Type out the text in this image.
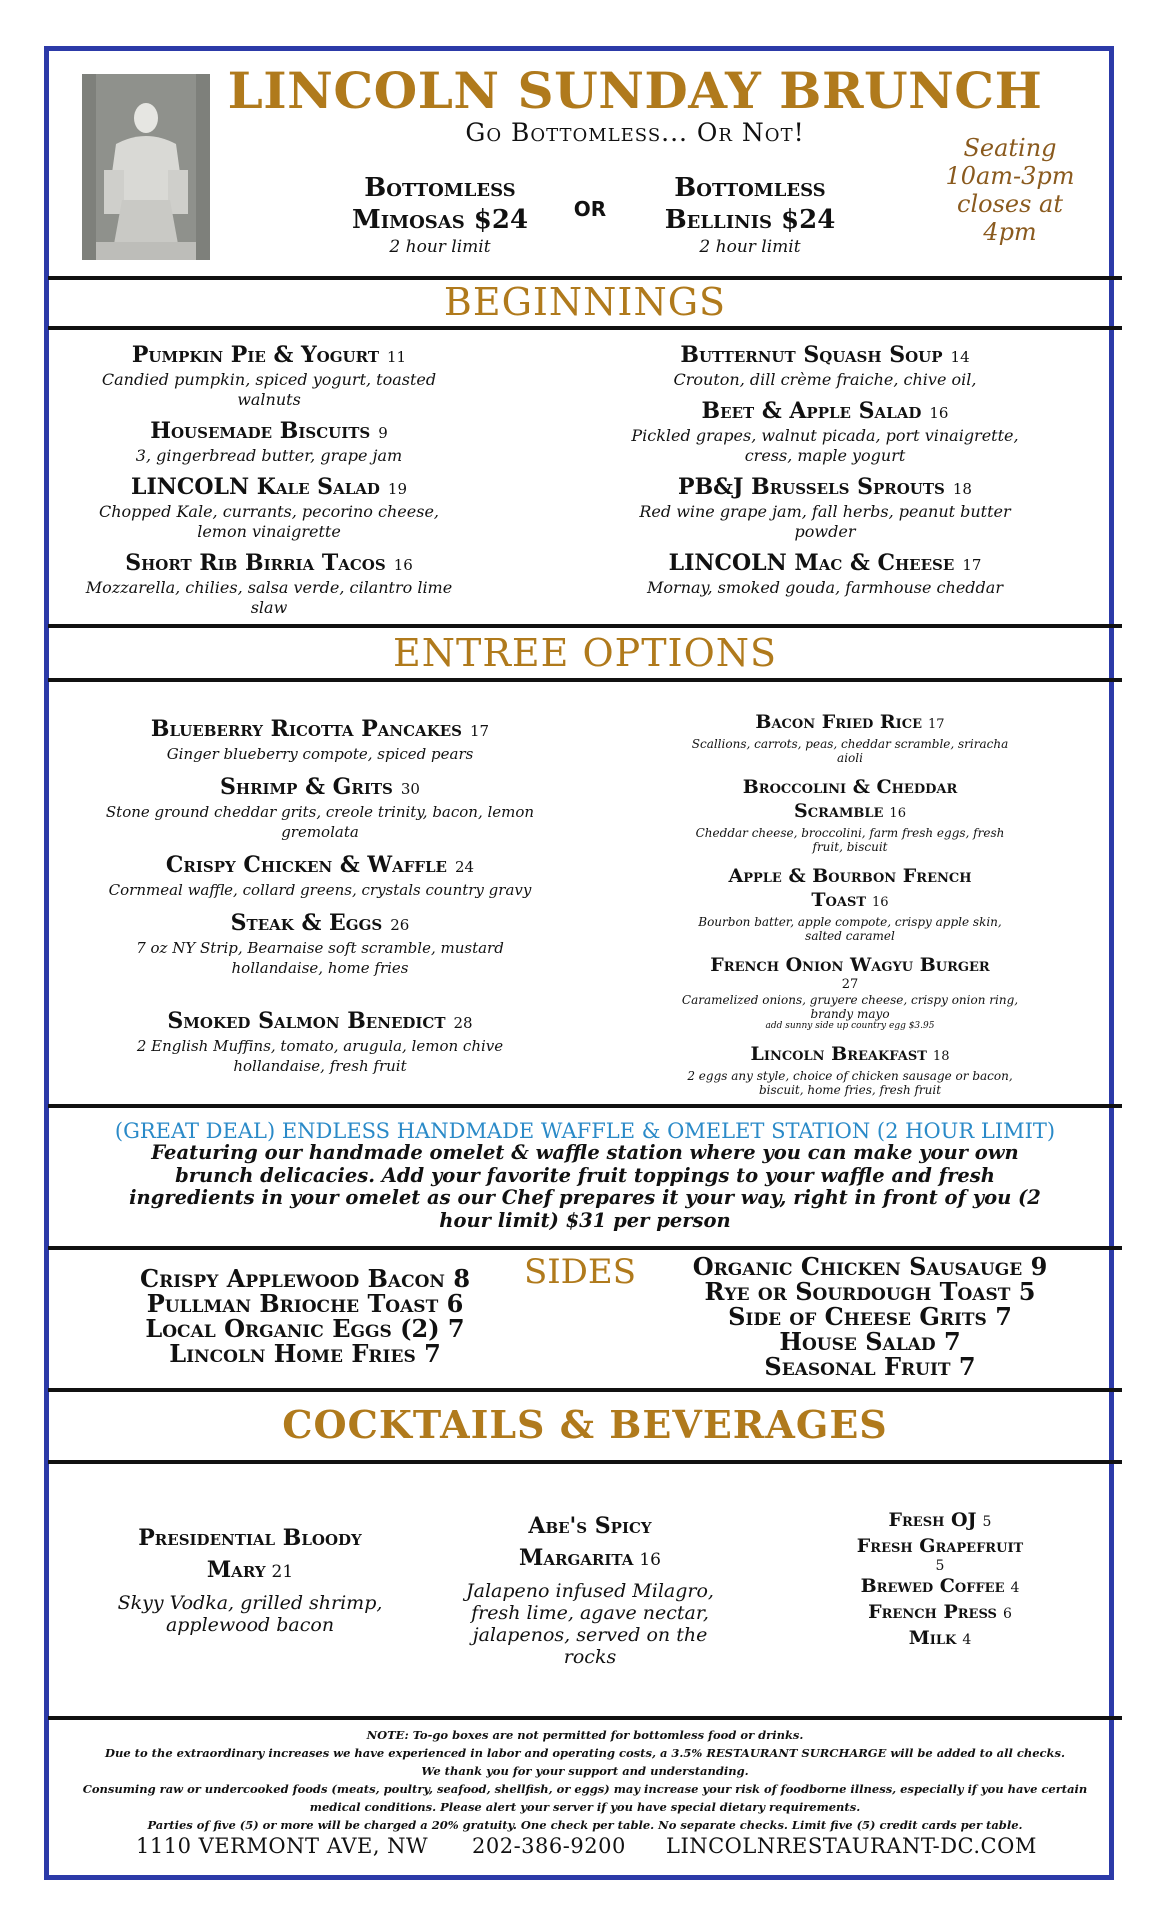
LINCOLN SUNDAY BRUNCH
Go Bottomless... Or Not!
Bottomless
Mimosas $24
2 hour limit
or
Bottomless
Bellinis $24
2 hour limit
Seating
10am-3pm
closes at
4pm
BEGINNINGS
Pumpkin Pie & Yogurt 11
Candied pumpkin, spiced yogurt, toasted walnuts
Housemade Biscuits 9
3, gingerbread butter, grape jam
LINCOLN Kale Salad 19
Chopped Kale, currants, pecorino cheese, lemon vinaigrette
Short Rib Birria Tacos 16
Mozzarella, chilies, salsa verde, cilantro lime slaw
Butternut Squash Soup 14
Crouton, dill crème fraiche, chive oil,
Beet & Apple Salad 16
Pickled grapes, walnut picada, port vinaigrette, cress, maple yogurt
PB&J Brussels Sprouts 18
Red wine grape jam, fall herbs, peanut butter powder
LINCOLN Mac & Cheese 17
Mornay, smoked gouda, farmhouse cheddar
ENTREE OPTIONS
Blueberry Ricotta Pancakes 17
Ginger blueberry compote, spiced pears
Shrimp & Grits 30
Stone ground cheddar grits, creole trinity, bacon, lemon gremolata
Crispy Chicken & Waffle 24
Cornmeal waffle, collard greens, crystals country gravy
Steak & Eggs 26
7 oz NY Strip, Bearnaise soft scramble, mustard hollandaise, home fries
Smoked Salmon Benedict 28
2 English Muffins, tomato, arugula, lemon chive hollandaise, fresh fruit
Bacon Fried Rice 17
Scallions, carrots, peas, cheddar scramble, sriracha aioli
Broccolini & Cheddar
Scramble 16
Cheddar cheese, broccolini, farm fresh eggs, fresh fruit, biscuit
Apple & Bourbon French
Toast 16
Bourbon batter, apple compote, crispy apple skin, salted caramel
French Onion Wagyu Burger
27
Caramelized onions, gruyere cheese, crispy onion ring, brandy mayo
add sunny side up country egg $3.95
Lincoln Breakfast 18
2 eggs any style, choice of chicken sausage or bacon, biscuit, home fries, fresh fruit
(GREAT DEAL) ENDLESS HANDMADE WAFFLE & OMELET STATION (2 HOUR LIMIT)
Featuring our handmade omelet & waffle station where you can make your own brunch delicacies. Add your favorite fruit toppings to your waffle and fresh ingredients in your omelet as our Chef prepares it your way, right in front of you (2 hour limit) $31 per person
Crispy Applewood Bacon 8
Pullman Brioche Toast 6
Local Organic Eggs (2) 7
Lincoln Home Fries 7
SIDES	Organic Chicken Sausauge 9
Rye or Sourdough Toast 5
Side of Cheese Grits 7
House Salad 7
Seasonal Fruit 7
COCKTAILS & BEVERAGES
Presidential Bloody
Mary 21
Skyy Vodka, grilled shrimp, applewood bacon
Abe's Spicy
Margarita 16
Jalapeno infused Milagro, fresh lime, agave nectar, jalapenos, served on the rocks
Fresh OJ 5
Fresh Grapefruit
5
Brewed Coffee 4
French Press 6
Milk 4
NOTE: To-go boxes are not permitted for bottomless food or drinks.
Due to the extraordinary increases we have experienced in labor and operating costs, a 3.5% RESTAURANT SURCHARGE will be added to all checks.
We thank you for your support and understanding.
Consuming raw or undercooked foods (meats, poultry, seafood, shellfish, or eggs) may increase your risk of foodborne illness, especially if you have certain medical conditions. Please alert your server if you have special dietary requirements.
Parties of five (5) or more will be charged a 20% gratuity. One check per table. No separate checks. Limit five (5) credit cards per table.
1110 VERMONT AVE, NW 202-386-9200 LINCOLNRESTAURANT-DC.COM
